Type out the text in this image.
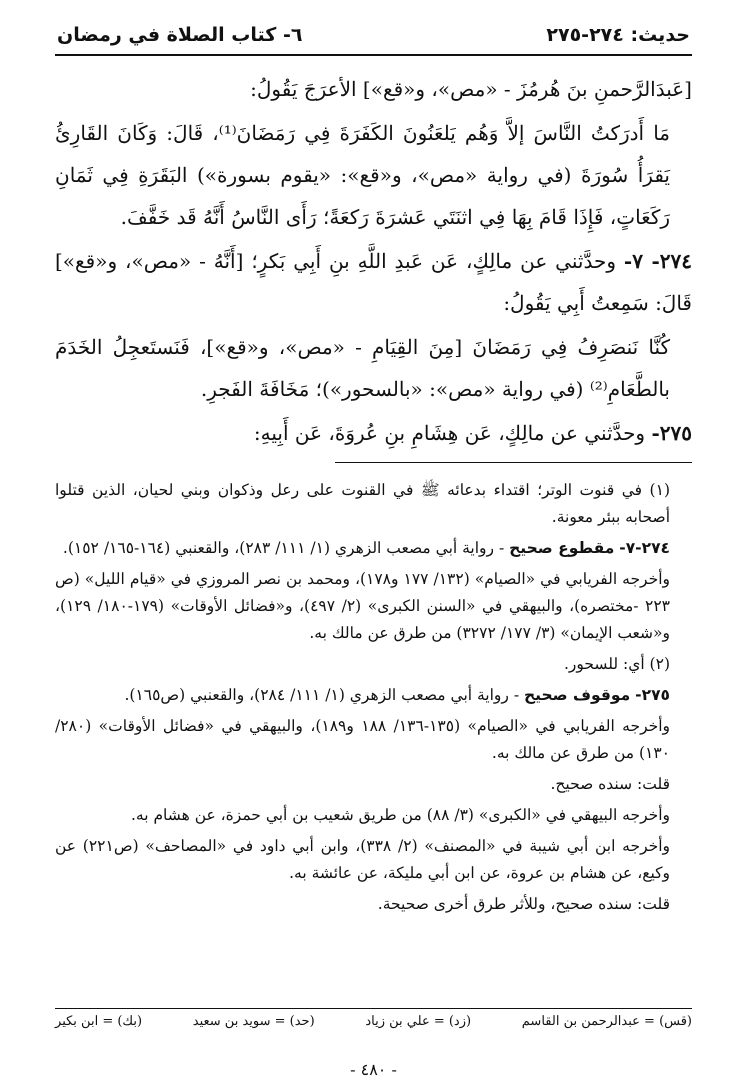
حديث: ٢٧٤-٢٧٥
٦- كتاب الصلاة في رمضان

[عَبدَالرَّحمنِ بنَ هُرمُزَ - «مص»، و«قع»] الأعرَجَ يَقُولُ:

مَا أَدرَكتُ النَّاسَ إلاَّ وَهُم يَلعَنُونَ الكَفَرَةَ فِي رَمَضَانَ⁽¹⁾، قَالَ: وَكَانَ القَارِئُ يَقرَأُ سُورَةَ (في رواية «مص»، و«قع»: «يقوم بسورة») البَقَرَةِ فِي ثَمَانِ رَكَعَاتٍ، فَإِذَا قَامَ بِهَا فِي اثنَتَي عَشرَةَ رَكعَةً؛ رَأَى النَّاسُ أَنَّهُ قَد خَفَّفَ.

٢٧٤- ٧- وحدَّثني عن مالِكٍ، عَن عَبدِ اللَّهِ بنِ أَبِي بَكرٍ؛ [أَنَّهُ - «مص»، و«قع»] قَالَ: سَمِعتُ أَبِي يَقُولُ:

كُنَّا نَنصَرِفُ فِي رَمَضَانَ [مِنَ القِيَامِ - «مص»، و«قع»]، فَنَستَعجِلُ الخَدَمَ بالطَّعَامِ⁽²⁾ (في رواية «مص»: «بالسحور»)؛ مَخَافَةَ الفَجرِ.

٢٧٥- وحدَّثني عن مالِكٍ، عَن هِشَامِ بنِ عُروَةَ، عَن أَبِيهِ:

(١) في قنوت الوتر؛ اقتداء بدعائه ﷺ في القنوت على رعل وذكوان وبني لحيان، الذين قتلوا أصحابه ببئر معونة.

٢٧٤-٧- مقطوع صحيح - رواية أبي مصعب الزهري (١/ ١١١/ ٢٨٣)، والقعنبي (١٦٤-١٦٥/ ١٥٢).

وأخرجه الفريابي في «الصيام» (١٣٢/ ١٧٧ و١٧٨)، ومحمد بن نصر المروزي في «قيام الليل» (ص ٢٢٣ -مختصره)، والبيهقي في «السنن الكبرى» (٢/ ٤٩٧)، و«فضائل الأوقات» (١٧٩-١٨٠/ ١٢٩)، و«شعب الإيمان» (٣/ ١٧٧/ ٣٢٧٢) من طرق عن مالك به.

(٢) أي: للسحور.

٢٧٥- موقوف صحيح - رواية أبي مصعب الزهري (١/ ١١١/ ٢٨٤)، والقعنبي (ص١٦٥).

وأخرجه الفريابي في «الصيام» (١٣٥-١٣٦/ ١٨٨ و١٨٩)، والبيهقي في «فضائل الأوقات» (٢٨٠/ ١٣٠) من طرق عن مالك به.

قلت: سنده صحيح.

وأخرجه البيهقي في «الكبرى» (٣/ ٨٨) من طريق شعيب بن أبي حمزة، عن هشام به.

وأخرجه ابن أبي شيبة في «المصنف» (٢/ ٣٣٨)، وابن أبي داود في «المصاحف» (ص٢٢١) عن وكيع، عن هشام بن عروة، عن ابن أبي مليكة، عن عائشة به.

قلت: سنده صحيح، وللأثر طرق أخرى صحيحة.

(قس) = عبدالرحمن بن القاسم
(زد) = علي بن زياد
(حد) = سويد بن سعيد
(بك) = ابن بكير
- ٤٨٠ -
